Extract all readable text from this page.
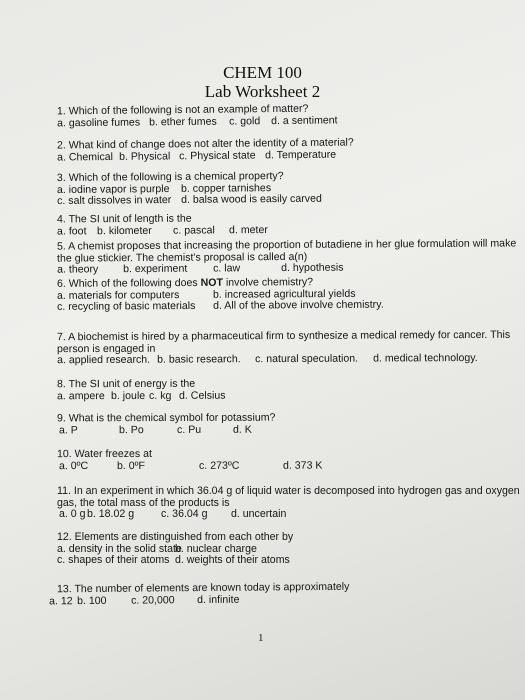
CHEM 100
Lab Worksheet 2
1. Which of the following is not an example of matter?
a. gasoline fumes b. ether fumes c. gold d. a sentiment
2. What kind of change does not alter the identity of a material?
a. Chemical b. Physical c. Physical state d. Temperature
3. Which of the following is a chemical property?
a. iodine vapor is purple b. copper tarnishes
c. salt dissolves in water d. balsa wood is easily carved
4. The SI unit of length is the
a. foot b. kilometer c. pascal d. meter
5. A chemist proposes that increasing the proportion of butadiene in her glue formulation will make
the glue stickier. The chemist's proposal is called a(n)
a. theory b. experiment c. law	d. hypothesis
6. Which of the following does NOT involve chemistry?
a. materials for computers	b. increased agricultural yields
c. recycling of basic materials d. All of the above involve chemistry.
7. A biochemist is hired by a pharmaceutical firm to synthesize a medical remedy for cancer. This
person is engaged in
a. applied research. b. basic research. c. natural speculation. d. medical technology.
8. The SI unit of energy is the
a. ampere b. joule c. kg d. Celsius
9. What is the chemical symbol for potassium?
a. P	b. Po	c. Pu	d. K
10. Water freezes at
a. 0ºC	b. 0ºF	c. 273ºC	d. 373 K
11. In an experiment in which 36.04 g of liquid water is decomposed into hydrogen gas and oxygen
gas, the total mass of the products is
a. 0 g b. 18.02 g	c. 36.04 g d. uncertain
12. Elements are distinguished from each other by
a. density in the solid state
b. nuclear charge
c. shapes of their atoms d. weights of their atoms
13. The number of elements are known today is approximately
a. 12 b. 100 c. 20,000 d. infinite
1
